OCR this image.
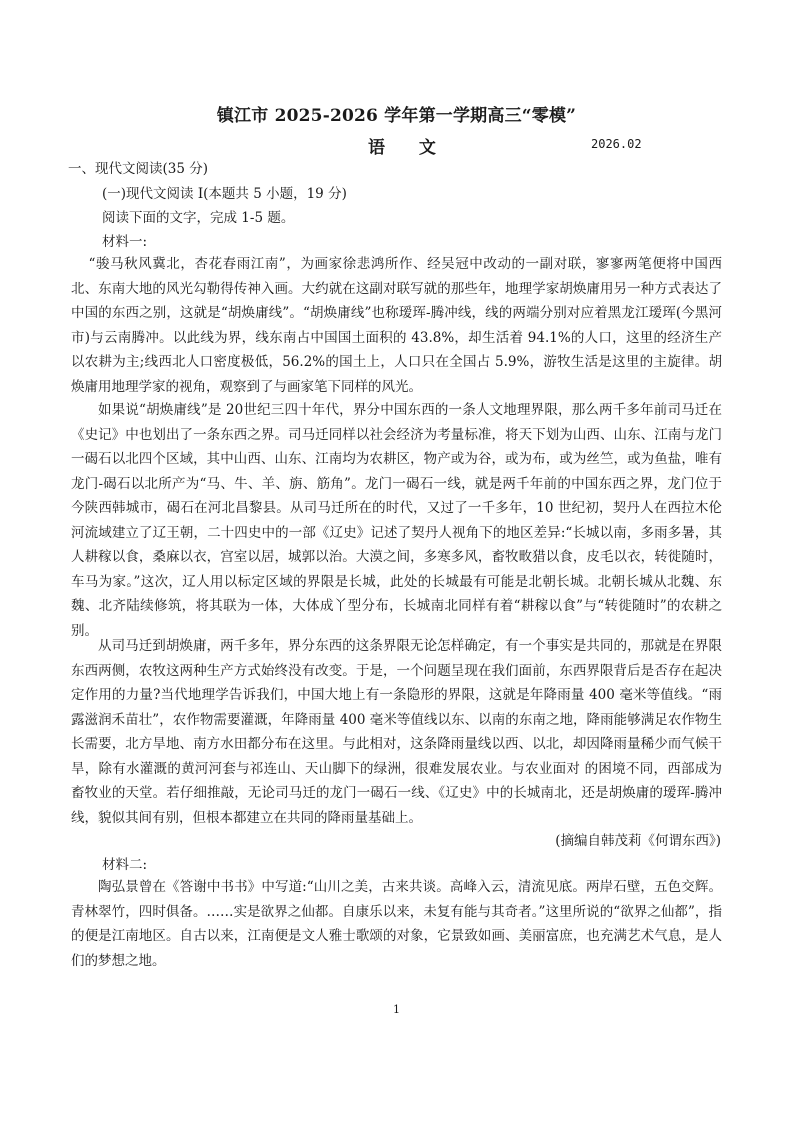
镇江市 2025-2026 学年第一学期高三“零模”
语 文	2026.02
一、现代文阅读(35 分)
(一)现代文阅读 I(本题共 5 小题，19 分)
阅读下面的文字，完成 1-5 题。
材料一:

“骏马秋风冀北，杏花春雨江南”，为画家徐悲鸿所作、经吴冠中改动的一副对联，寥寥两笔便将中国西北、东南大地的风光勾勒得传神入画。大约就在这副对联写就的那些年，地理学家胡焕庸用另一种方式表达了中国的东西之别，这就是“胡焕庸线”。“胡焕庸线”也称瑷珲-腾冲线，线的两端分别对应着黑龙江瑷珲(今黑河市)与云南腾冲。以此线为界，线东南占中国国土面积的 43.8%，却生活着 94.1%的人口，这里的经济生产以农耕为主;线西北人口密度极低，56.2%的国土上，人口只在全国占 5.9%，游牧生活是这里的主旋律。胡焕庸用地理学家的视角，观察到了与画家笔下同样的风光。

如果说“胡焕庸线”是 20世纪三四十年代，界分中国东西的一条人文地理界限，那么两千多年前司马迁在《史记》中也划出了一条东西之界。司马迁同样以社会经济为考量标准，将天下划为山西、山东、江南与龙门一碣石以北四个区域，其中山西、山东、江南均为农耕区，物产或为谷，或为布，或为丝竺，或为鱼盐，唯有龙门-碣石以北所产为“马、牛、羊、旃、筋角”。龙门一碣石一线，就是两千年前的中国东西之界，龙门位于今陕西韩城市，碣石在河北昌黎县。从司马迁所在的时代，又过了一千多年，10 世纪初，契丹人在西拉木伦河流域建立了辽王朝，二十四史中的一部《辽史》记述了契丹人视角下的地区差异:“长城以南，多雨多暑，其人耕稼以食，桑麻以衣，宫室以居，城郭以治。大漠之间，多寒多风，畜牧畋猎以食，皮毛以衣，转徙随时，车马为家。”这次，辽人用以标定区域的界限是长城，此处的长城最有可能是北朝长城。北朝长城从北魏、东魏、北齐陆续修筑，将其联为一体，大体成丫型分布，长城南北同样有着“耕稼以食”与“转徙随时”的农耕之别。

从司马迁到胡焕庸，两千多年，界分东西的这条界限无论怎样确定，有一个事实是共同的，那就是在界限东西两侧，农牧这两种生产方式始终没有改变。于是，一个问题呈现在我们面前，东西界限背后是否存在起决定作用的力量?当代地理学告诉我们，中国大地上有一条隐形的界限，这就是年降雨量 400 毫米等值线。“雨露滋润禾苗壮”，农作物需要灌溉，年降雨量 400 毫米等值线以东、以南的东南之地，降雨能够满足农作物生长需要，北方旱地、南方水田都分布在这里。与此相对，这条降雨量线以西、以北，却因降雨量稀少而气候干旱，除有水灌溉的黄河河套与祁连山、天山脚下的绿洲，很难发展农业。与农业面对 的困境不同，西部成为畜牧业的天堂。若仔细推敲，无论司马迁的龙门一碣石一线、《辽史》中的长城南北，还是胡焕庸的瑷珲-腾冲线，貌似其间有别，但根本都建立在共同的降雨量基础上。

(摘编自韩茂莉《何谓东西》)
材料二:

陶弘景曾在《答谢中书书》中写道:“山川之美，古来共谈。高峰入云，清流见底。两岸石壁，五色交辉。青林翠竹，四时俱备。……实是欲界之仙都。自康乐以来，未复有能与其奇者。”这里所说的“欲界之仙都”，指的便是江南地区。自古以来，江南便是文人雅士歌颂的对象，它景致如画、美丽富庶，也充满艺术气息，是人们的梦想之地。

1
